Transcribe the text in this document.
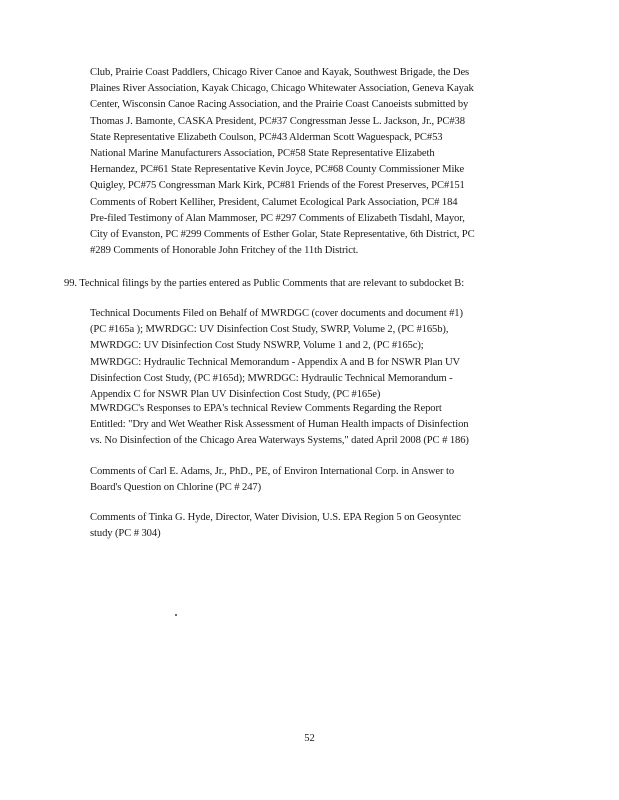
Club, Prairie Coast Paddlers, Chicago River Canoe and Kayak, Southwest Brigade, the Des
Plaines River Association, Kayak Chicago, Chicago Whitewater Association, Geneva Kayak
Center, Wisconsin Canoe Racing Association, and the Prairie Coast Canoeists submitted by
Thomas J. Bamonte, CASKA President, PC#37 Congressman Jesse L. Jackson, Jr., PC#38
State Representative Elizabeth Coulson, PC#43 Alderman Scott Waguespack, PC#53
National Marine Manufacturers Association, PC#58 State Representative Elizabeth
Hernandez, PC#61 State Representative Kevin Joyce, PC#68 County Commissioner Mike
Quigley, PC#75 Congressman Mark Kirk, PC#81 Friends of the Forest Preserves, PC#151
Comments of Robert Kelliher, President, Calumet Ecological Park Association, PC# 184
Pre-filed Testimony of Alan Mammoser, PC #297 Comments of Elizabeth Tisdahl, Mayor,
City of Evanston, PC #299 Comments of Esther Golar, State Representative, 6th District, PC
#289 Comments of Honorable John Fritchey of the 11th District.
99. Technical filings by the parties entered as Public Comments that are relevant to subdocket B:
Technical Documents Filed on Behalf of MWRDGC (cover documents and document #1)
(PC #165a ); MWRDGC: UV Disinfection Cost Study, SWRP, Volume 2, (PC #165b),
MWRDGC: UV Disinfection Cost Study NSWRP, Volume 1 and 2, (PC #165c);
MWRDGC: Hydraulic Technical Memorandum - Appendix A and B for NSWR Plan UV
Disinfection Cost Study, (PC #165d); MWRDGC: Hydraulic Technical Memorandum -
Appendix C for NSWR Plan UV Disinfection Cost Study, (PC #165e)
MWRDGC's Responses to EPA's technical Review Comments Regarding the Report
Entitled: "Dry and Wet Weather Risk Assessment of Human Health impacts of Disinfection
vs. No Disinfection of the Chicago Area Waterways Systems," dated April 2008 (PC # 186)
Comments of Carl E. Adams, Jr., PhD., PE, of Environ International Corp. in Answer to
Board's Question on Chlorine (PC # 247)
Comments of Tinka G. Hyde, Director, Water Division, U.S. EPA Region 5 on Geosyntec
study (PC # 304)
52
